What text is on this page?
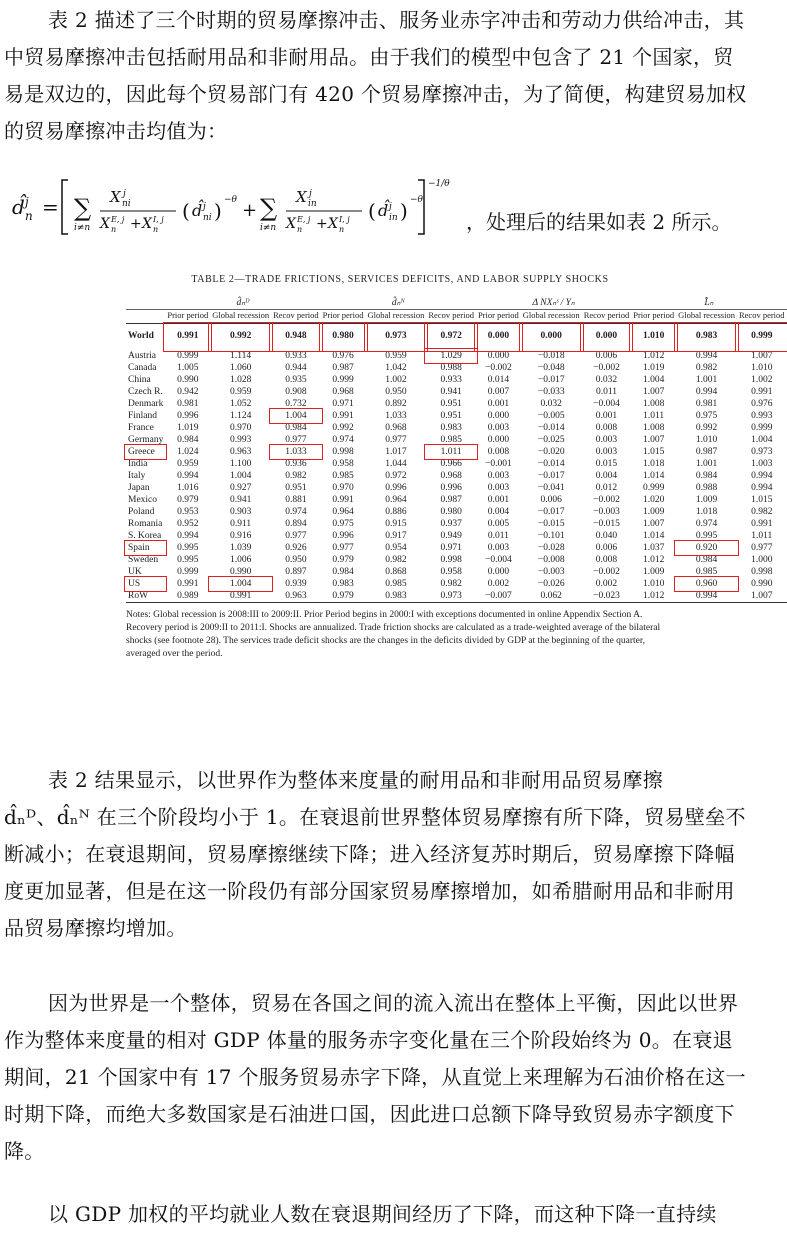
表 2 描述了三个时期的贸易摩擦冲击、服务业赤字冲击和劳动力供给冲击，其中贸易摩擦冲击包括耐用品和非耐用品。由于我们的模型中包含了 21 个国家，贸易是双边的，因此每个贸易部门有 420 个贸易摩擦冲击，为了简便，构建贸易加权的贸易摩擦冲击均值为：

d̂ j
n = ∑
i≠n
X j
ni
X E, j
n + X I, j
n
( d̂ j
ni ) −θ + ∑
i≠n
X j
in
X E, j
n + X I, j
n
( d̂ j
in ) −θ
−1/θ
，处理后的结果如表 2 所示。
TABLE 2—TRADE FRICTIONS, SERVICES DEFICITS, AND LABOR SUPPLY SHOCKS
	d̂ₙᴰ			d̂ₙᴺ			Δ NXₙˢ / Yₙ			L̂ₙ		
	Prior period	Global recession	Recov period	Prior period	Global recession	Recov period	Prior period	Global recession	Recov period	Prior period	Global recession	Recov period
World	0.991	0.992	0.948	0.980	0.973	0.972	0.000	0.000	0.000	1.010	0.983	0.999
Austria	0.999	1.114	0.933	0.976	0.959	1.029	0.000	−0.018	0.006	1.012	0.994	1.007
Canada	1.005	1.060	0.944	0.987	1.042	0.988	−0.002	−0.048	−0.002	1.019	0.982	1.010
China	0.990	1.028	0.935	0.999	1.002	0.933	0.014	−0.017	0.032	1.004	1.001	1.002
Czech R.	0.942	0.959	0.908	0.968	0.950	0.941	0.007	−0.033	0.011	1.007	0.994	0.991
Denmark	0.981	1.052	0.732	0.971	0.892	0.951	0.001	0.032	−0.004	1.008	0.981	0.976
Finland	0.996	1.124	1.004	0.991	1.033	0.951	0.000	−0.005	0.001	1.011	0.975	0.993
France	1.019	0.970	0.984	0.992	0.968	0.983	0.003	−0.014	0.008	1.008	0.992	0.999
Germany	0.984	0.993	0.977	0.974	0.977	0.985	0.000	−0.025	0.003	1.007	1.010	1.004
Greece	1.024	0.963	1.033	0.998	1.017	1.011	0.008	−0.020	0.003	1.015	0.987	0.973
India	0.959	1.100	0.936	0.958	1.044	0.966	−0.001	−0.014	0.015	1.018	1.001	1.003
Italy	0.994	1.004	0.982	0.985	0.972	0.968	0.003	−0.017	0.004	1.014	0.984	0.994
Japan	1.016	0.927	0.951	0.970	0.996	0.996	0.003	−0.041	0.012	0.999	0.988	0.994
Mexico	0.979	0.941	0.881	0.991	0.964	0.987	0.001	0.006	−0.002	1.020	1.009	1.015
Poland	0.953	0.903	0.974	0.964	0.886	0.980	0.004	−0.017	−0.003	1.009	1.018	0.982
Romania	0.952	0.911	0.894	0.975	0.915	0.937	0.005	−0.015	−0.015	1.007	0.974	0.991
S. Korea	0.994	0.916	0.977	0.996	0.917	0.949	0.011	−0.101	0.040	1.014	0.995	1.011
Spain	0.995	1.039	0.926	0.977	0.954	0.971	0.003	−0.028	0.006	1.037	0.920	0.977
Sweden	0.995	1.006	0.950	0.979	0.982	0.998	−0.004	−0.008	0.008	1.012	0.984	1.000
UK	0.999	0.990	0.897	0.984	0.868	0.958	0.000	−0.003	−0.002	1.009	0.985	0.998
US	0.991	1.004	0.939	0.983	0.985	0.982	0.002	−0.026	0.002	1.010	0.960	0.990
RoW	0.989	0.991	0.963	0.979	0.983	0.973	−0.007	0.062	−0.023	1.012	0.994	1.007
Notes: Global recession is 2008:III to 2009:II. Prior Period begins in 2000:I with exceptions documented in online Appendix Section A. Recovery period is 2009:II to 2011:I. Shocks are annualized. Trade friction shocks are calculated as a trade-weighted average of the bilateral shocks (see footnote 28). The services trade deficit shocks are the changes in the deficits divided by GDP at the beginning of the quarter, averaged over the period.

表 2 结果显示，以世界作为整体来度量的耐用品和非耐用品贸易摩擦

d̂ₙᴰ、d̂ₙᴺ 在三个阶段均小于 1。在衰退前世界整体贸易摩擦有所下降，贸易壁垒不断减小；在衰退期间，贸易摩擦继续下降；进入经济复苏时期后，贸易摩擦下降幅度更加显著，但是在这一阶段仍有部分国家贸易摩擦增加，如希腊耐用品和非耐用品贸易摩擦均增加。

因为世界是一个整体，贸易在各国之间的流入流出在整体上平衡，因此以世界作为整体来度量的相对 GDP 体量的服务赤字变化量在三个阶段始终为 0。在衰退期间，21 个国家中有 17 个服务贸易赤字下降，从直觉上来理解为石油价格在这一时期下降，而绝大多数国家是石油进口国，因此进口总额下降导致贸易赤字额度下降。

以 GDP 加权的平均就业人数在衰退期间经历了下降，而这种下降一直持续
